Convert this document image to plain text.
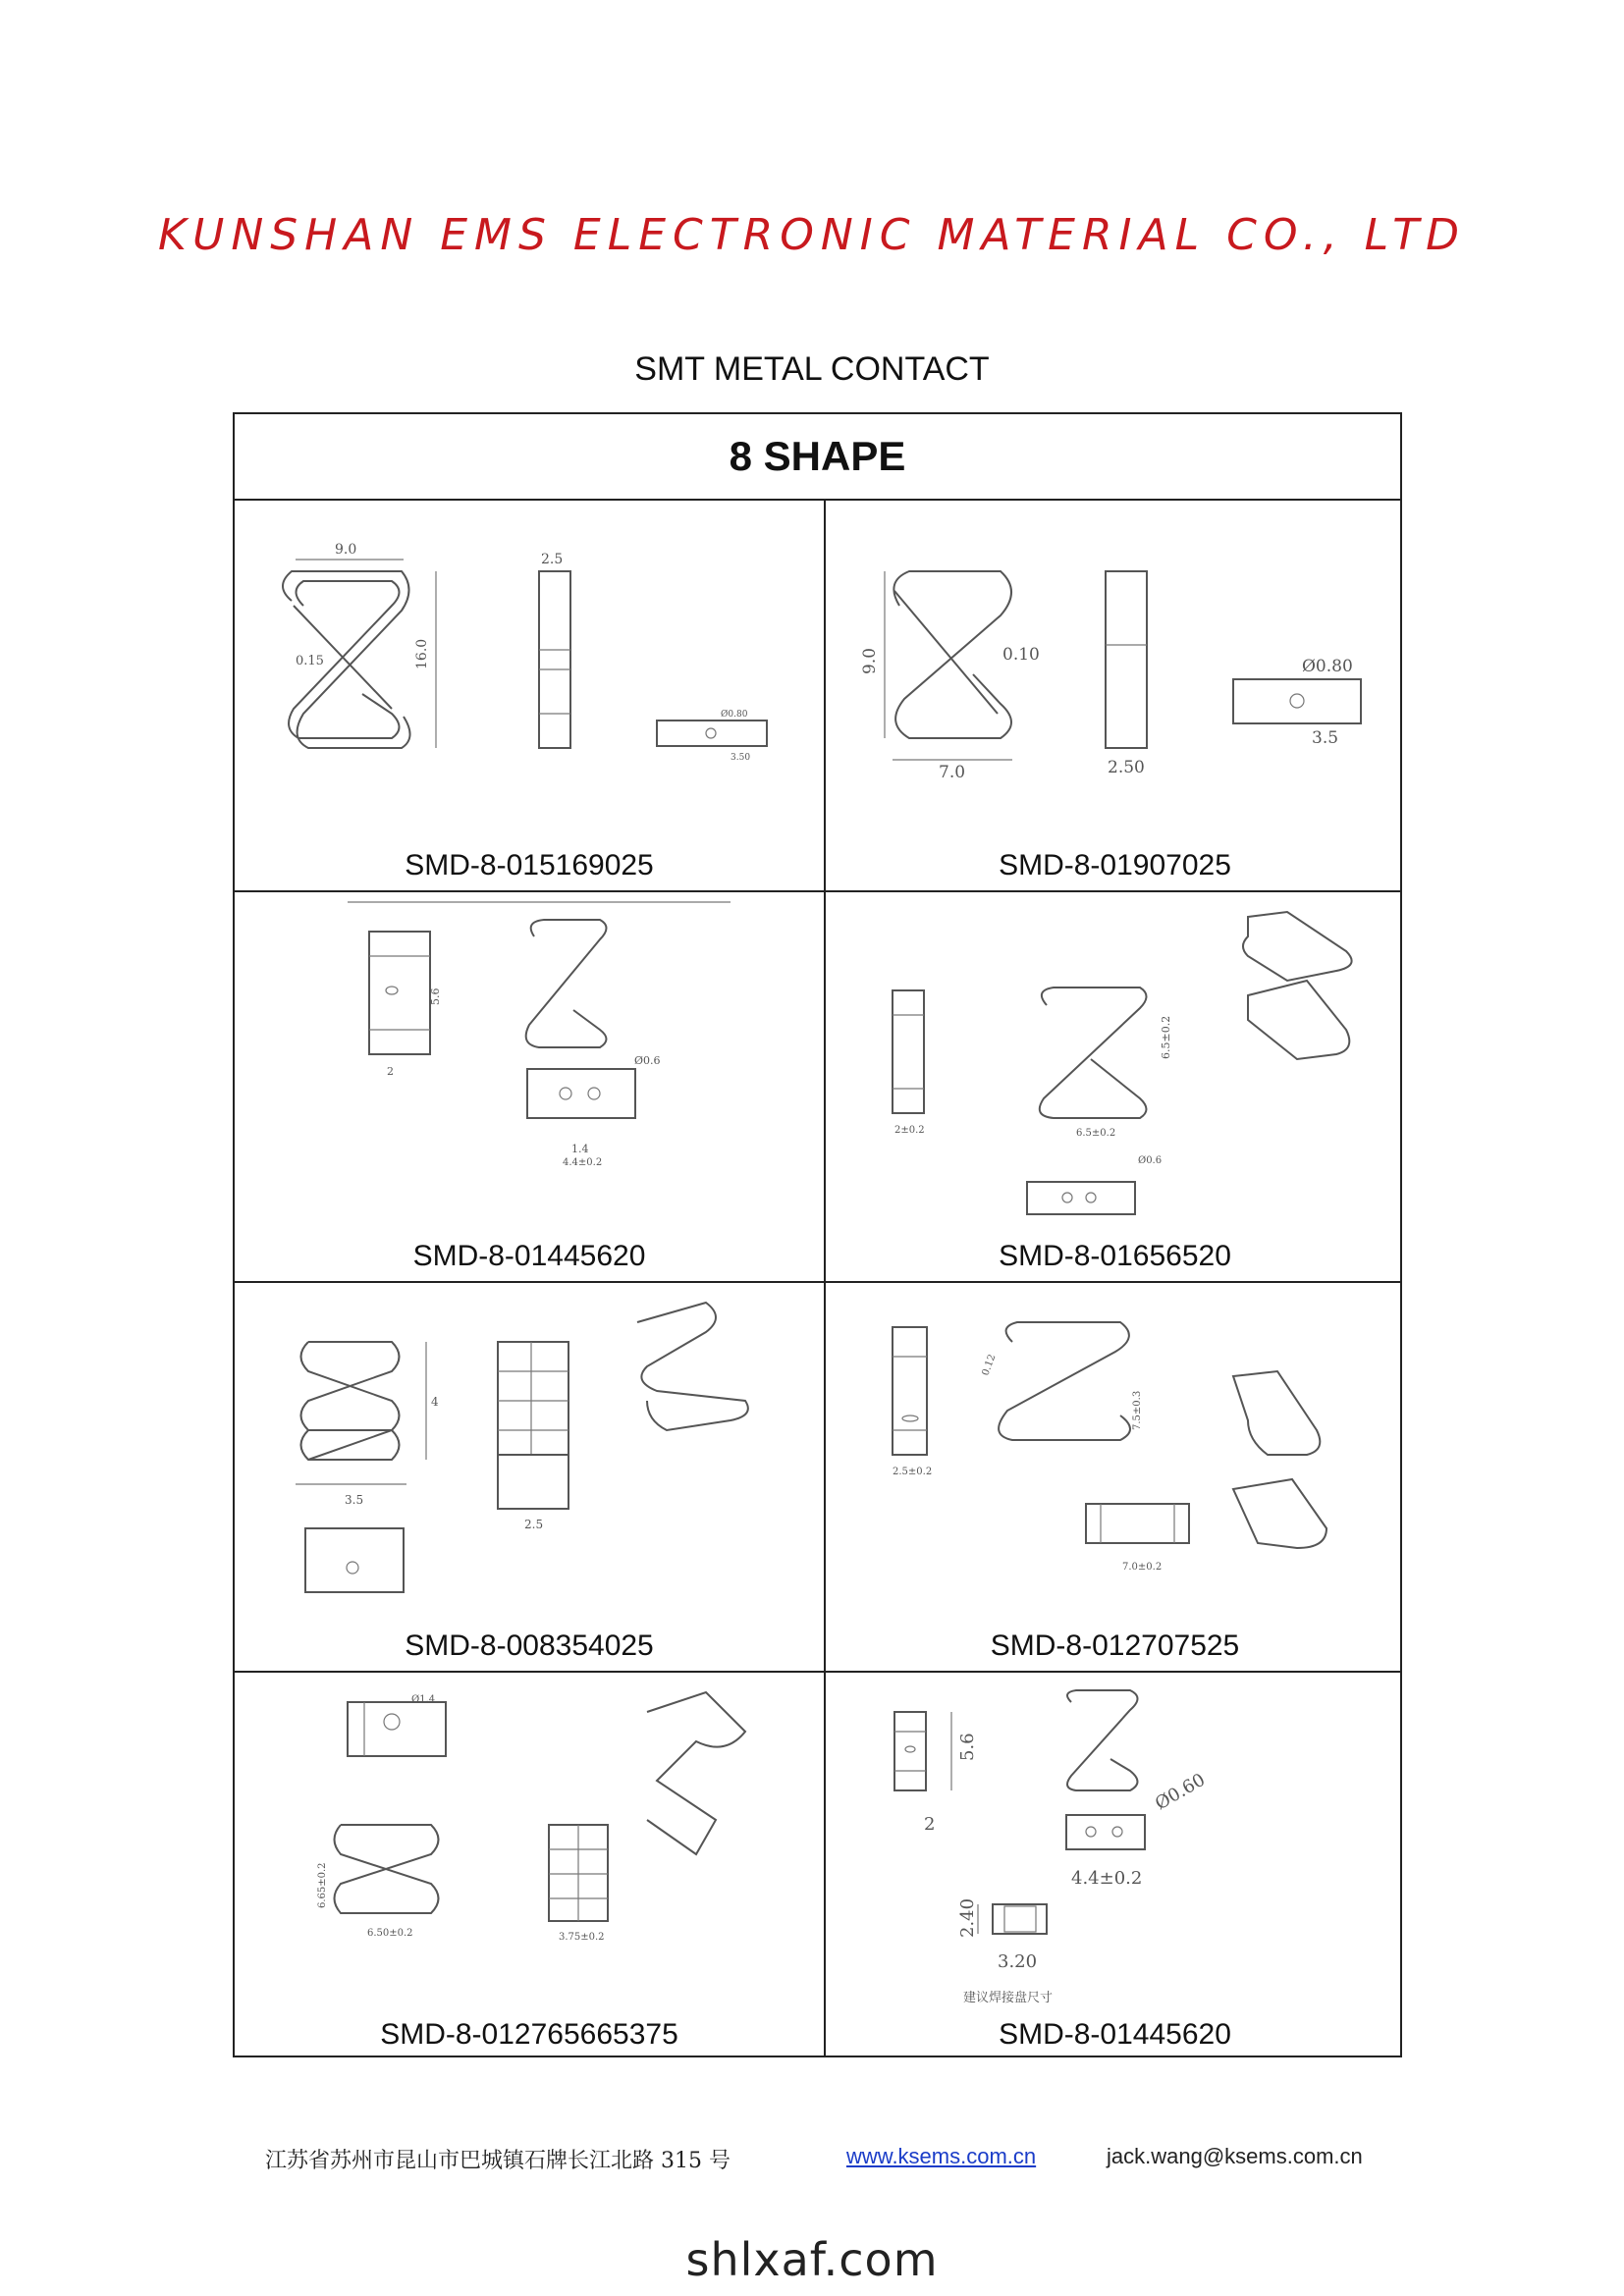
KUNSHAN EMS ELECTRONIC MATERIAL CO., LTD
SMT METAL CONTACT
8 SHAPE
9.0
16.0
0.15
2.5
Ø0.80
3.50
SMD-8-015169025
9.0	0.10
7.0	2.50
Ø0.80
3.5
SMD-8-01907025
5.6
2
Ø0.6
1.4
4.4±0.2
SMD-8-01445620
2±0.2
6.5±0.2
6.5±0.2
Ø0.6
SMD-8-01656520
3.5
4
2.5
SMD-8-008354025
2.5±0.2
0.12
7.5±0.3
7.0±0.2
SMD-8-012707525
Ø1.4
6.65±0.2
6.50±0.2	3.75±0.2
SMD-8-012765665375
5.6
2
Ø0.60
4.4±0.2
2.40
3.20
建议焊接盘尺寸
SMD-8-01445620
江苏省苏州市昆山市巴城镇石牌长江北路 315 号	www.ksems.com.cn	jack.wang@ksems.com.cn
shlxaf.com
